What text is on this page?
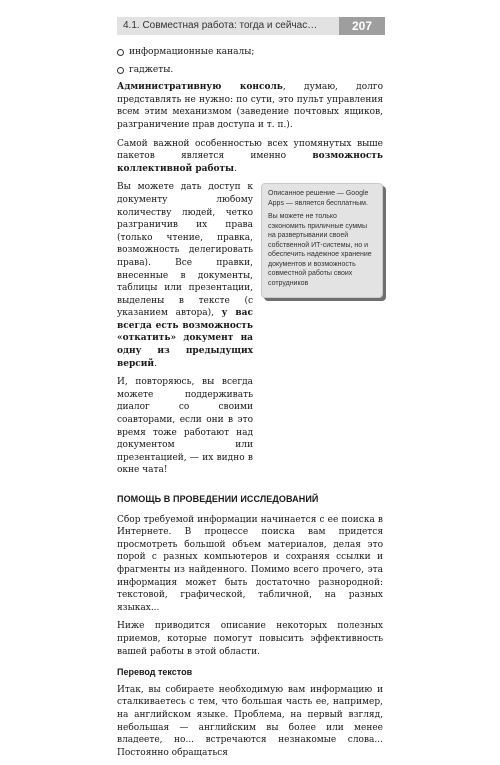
4.1. Совместная работа: тогда и сейчас…	207
информационные каналы;
гаджеты.

Административную консоль, думаю, долго представлять не нужно: по сути, это пульт управления всем этим механизмом (заведение почтовых ящиков, разграничение прав доступа и т. п.).

Самой важной особенностью всех упомянутых выше пакетов является именно возможность коллективной работы.

Вы можете дать доступ к документу любому количеству людей, четко разграничив их права (только чтение, правка, возможность делегировать права). Все правки, внесенные в документы, таблицы или презентации, выделены в тексте (с указанием автора), у вас всегда есть возможность «откатить» документ на одну из предыдущих версий.

И, повторяюсь, вы всегда можете поддерживать диалог со своими соавторами, если они в это время тоже работают над документом или презентацией, — их видно в окне чата!

Описанное решение — Google Apps — является бесплатным.

Вы можете не только сэкономить приличные суммы на развертывании своей собственной ИТ-системы, но и обеспечить надежное хранение документов и возможность совместной работы своих сотрудников

ПОМОЩЬ В ПРОВЕДЕНИИ ИССЛЕДОВАНИЙ

Сбор требуемой информации начинается с ее поиска в Интернете. В процессе поиска вам придется просмотреть большой объем материалов, делая это порой с разных компьютеров и сохраняя ссылки и фрагменты из найденного. Помимо всего прочего, эта информация может быть достаточно разнородной: текстовой, графической, табличной, на разных языках...

Ниже приводится описание некоторых полезных приемов, которые помогут повысить эффективность вашей работы в этой области.

Перевод текстов

Итак, вы собираете необходимую вам информацию и сталкиваетесь с тем, что большая часть ее, например, на английском языке. Проблема, на первый взгляд, небольшая — английским вы более или менее владеете, но... встречаются незнакомые слова... Постоянно обращаться
